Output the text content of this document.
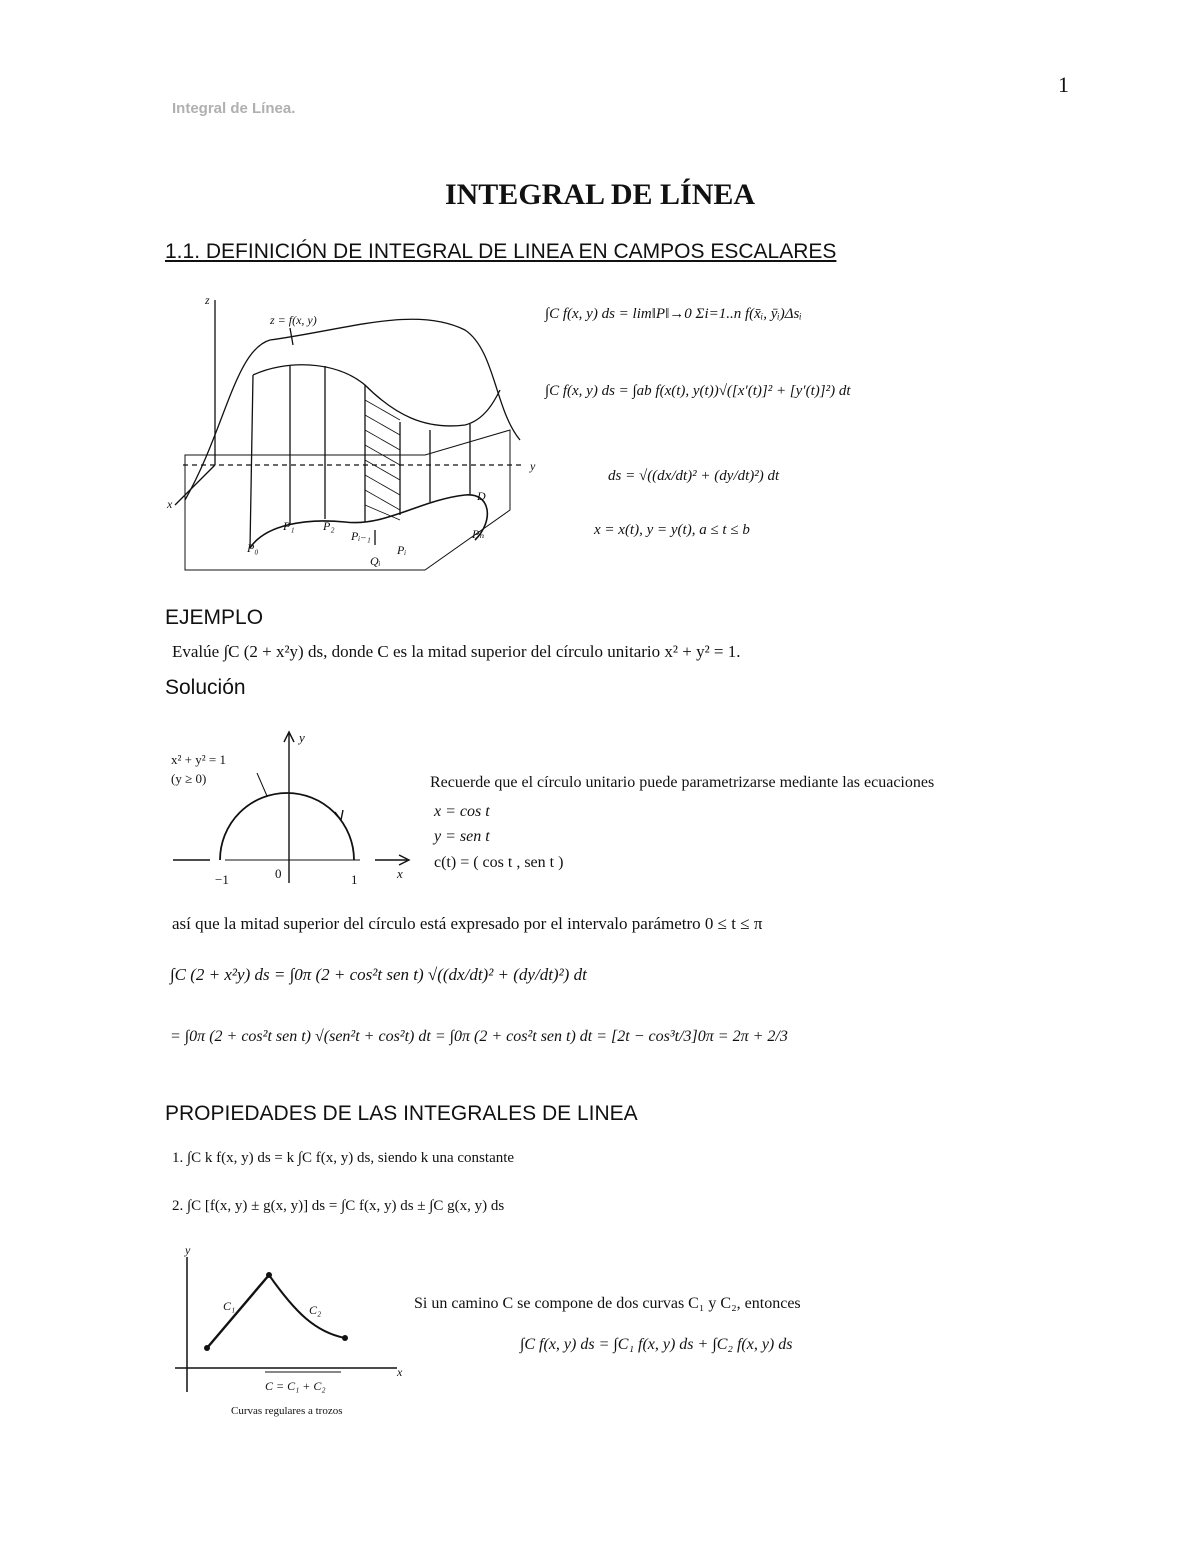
1
Integral de Línea.
INTEGRAL DE LÍNEA
1.1. DEFINICIÓN DE INTEGRAL DE LINEA EN CAMPOS ESCALARES
z
y
x
z = f(x, y)
D
P₀
P₁ P₂
Pᵢ₋₁
Pᵢ
Pₙ
Qᵢ
∫C f(x, y) ds = lim‖P‖→0 Σi=1..n f(x̄ᵢ, ȳᵢ)Δsᵢ
∫C f(x, y) ds = ∫ab f(x(t), y(t))√([x′(t)]² + [y′(t)]²) dt
ds = √((dx/dt)² + (dy/dt)²) dt
x = x(t), y = y(t), a ≤ t ≤ b
EJEMPLO
Evalúe ∫C (2 + x²y) ds, donde C es la mitad superior del círculo unitario x² + y² = 1.
Solución
x² + y² = 1
(y ≥ 0)
y
x
−1	0	1
Recuerde que el círculo unitario puede parametrizarse mediante las ecuaciones
x = cos t
y = sen t
c(t) = ( cos t , sen t )
así que la mitad superior del círculo está expresado por el intervalo parámetro 0 ≤ t ≤ π
∫C (2 + x²y) ds = ∫0π (2 + cos²t sen t) √((dx/dt)² + (dy/dt)²) dt
= ∫0π (2 + cos²t sen t) √(sen²t + cos²t) dt = ∫0π (2 + cos²t sen t) dt = [2t − cos³t/3]0π = 2π + 2/3
PROPIEDADES DE LAS INTEGRALES DE LINEA
1. ∫C k f(x, y) ds = k ∫C f(x, y) ds, siendo k una constante
2. ∫C [f(x, y) ± g(x, y)] ds = ∫C f(x, y) ds ± ∫C g(x, y) ds
y
x
C₁	C₂
C = C₁ + C₂
Curvas regulares a trozos
Si un camino C se compone de dos curvas C₁ y C₂, entonces
∫C f(x, y) ds = ∫C₁ f(x, y) ds + ∫C₂ f(x, y) ds
